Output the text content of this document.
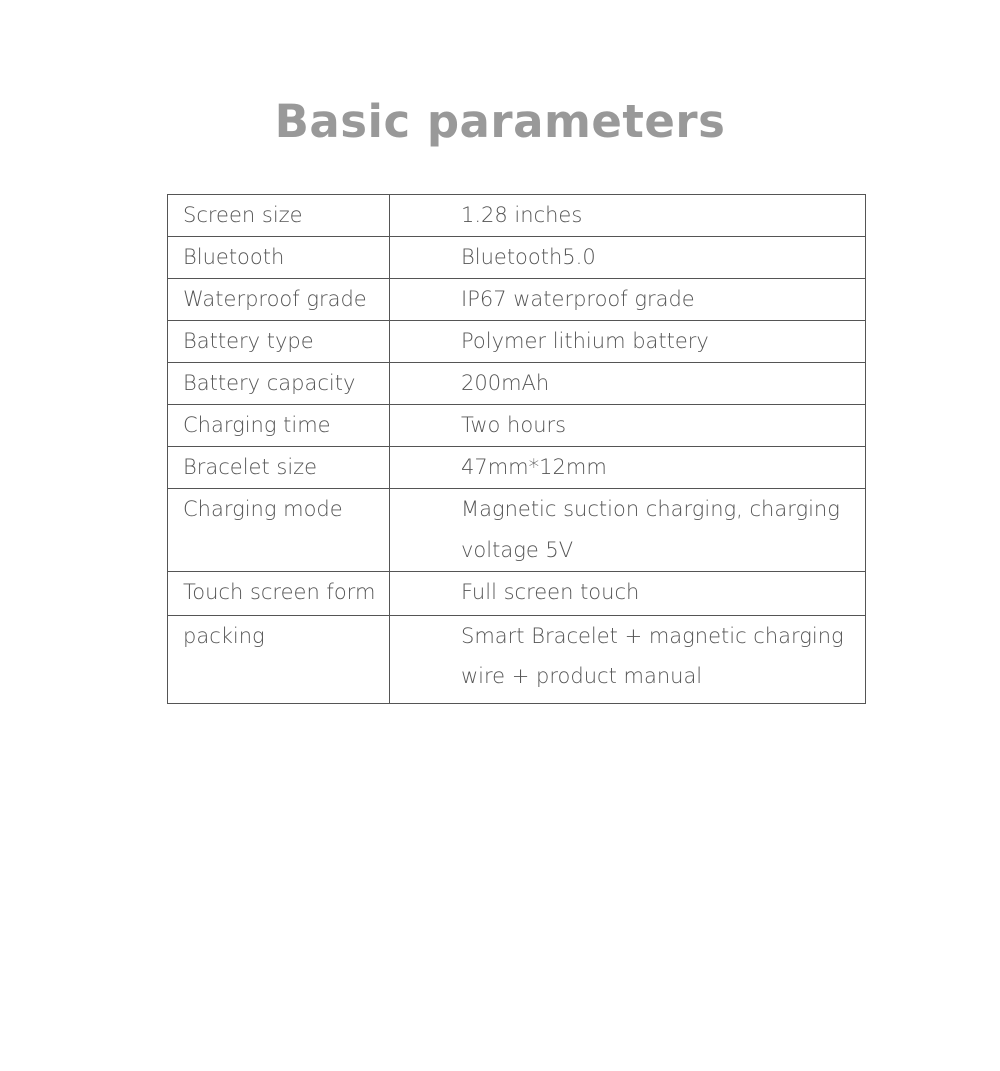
Basic parameters
Screen size	1.28 inches
Bluetooth	Bluetooth5.0
Waterproof grade	IP67 waterproof grade
Battery type	Polymer lithium battery
Battery capacity	200mAh
Charging time	Two hours
Bracelet size	47mm*12mm
Charging mode	Magnetic suction charging, charging voltage 5V
Touch screen form	Full screen touch
packing	Smart Bracelet + magnetic charging wire + product manual
